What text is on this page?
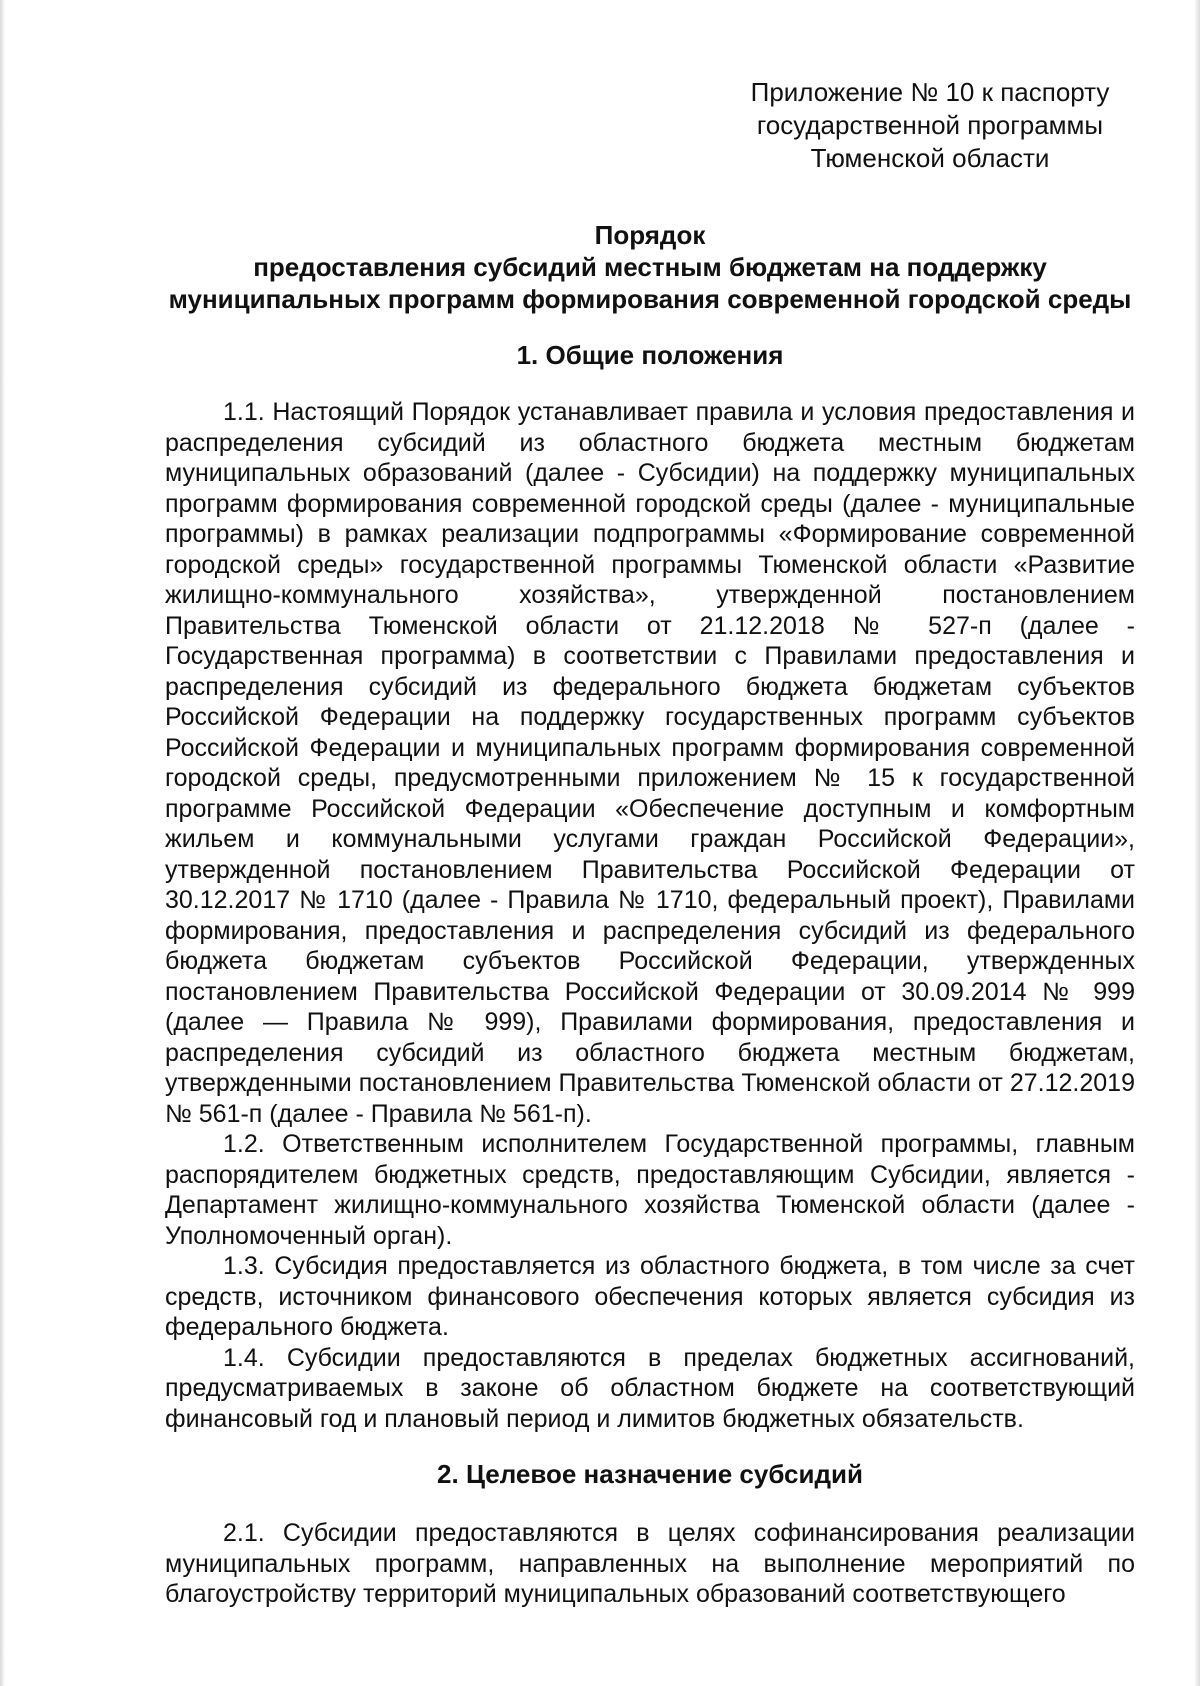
Приложение № 10 к паспорту
государственной программы
Тюменской области
Порядок
предоставления субсидий местным бюджетам на поддержку
муниципальных программ формирования современной городской среды
1. Общие положения

1.1. Настоящий Порядок устанавливает правила и условия предоставления и распределения субсидий из областного бюджета местным бюджетам муниципальных образований (далее - Субсидии) на поддержку муниципальных программ формирования современной городской среды (далее - муниципальные программы) в рамках реализации подпрограммы «Формирование современной городской среды» государственной программы Тюменской области «Развитие жилищно-коммунального хозяйства», утвержденной постановлением Правительства Тюменской области от 21.12.2018 № 527-п (далее - Государственная программа) в соответствии с Правилами предоставления и распределения субсидий из федерального бюджета бюджетам субъектов Российской Федерации на поддержку государственных программ субъектов Российской Федерации и муниципальных программ формирования современной городской среды, предусмотренными приложением № 15 к государственной программе Российской Федерации «Обеспечение доступным и комфортным жильем и коммунальными услугами граждан Российской Федерации», утвержденной постановлением Правительства Российской Федерации от 30.12.2017 № 1710 (далее - Правила № 1710, федеральный проект), Правилами формирования, предоставления и распределения субсидий из федерального бюджета бюджетам субъектов Российской Федерации, утвержденных постановлением Правительства Российской Федерации от 30.09.2014 № 999 (далее — Правила № 999), Правилами формирования, предоставления и распределения субсидий из областного бюджета местным бюджетам, утвержденными постановлением Правительства Тюменской области от 27.12.2019 № 561-п (далее - Правила № 561-п).

1.2. Ответственным исполнителем Государственной программы, главным распорядителем бюджетных средств, предоставляющим Субсидии, является - Департамент жилищно-коммунального хозяйства Тюменской области (далее - Уполномоченный орган).

1.3. Субсидия предоставляется из областного бюджета, в том числе за счет средств, источником финансового обеспечения которых является субсидия из федерального бюджета.

1.4. Субсидии предоставляются в пределах бюджетных ассигнований, предусматриваемых в законе об областном бюджете на соответствующий финансовый год и плановый период и лимитов бюджетных обязательств.

2. Целевое назначение субсидий

2.1. Субсидии предоставляются в целях софинансирования реализации муниципальных программ, направленных на выполнение мероприятий по благоустройству территорий муниципальных образований соответствующего
